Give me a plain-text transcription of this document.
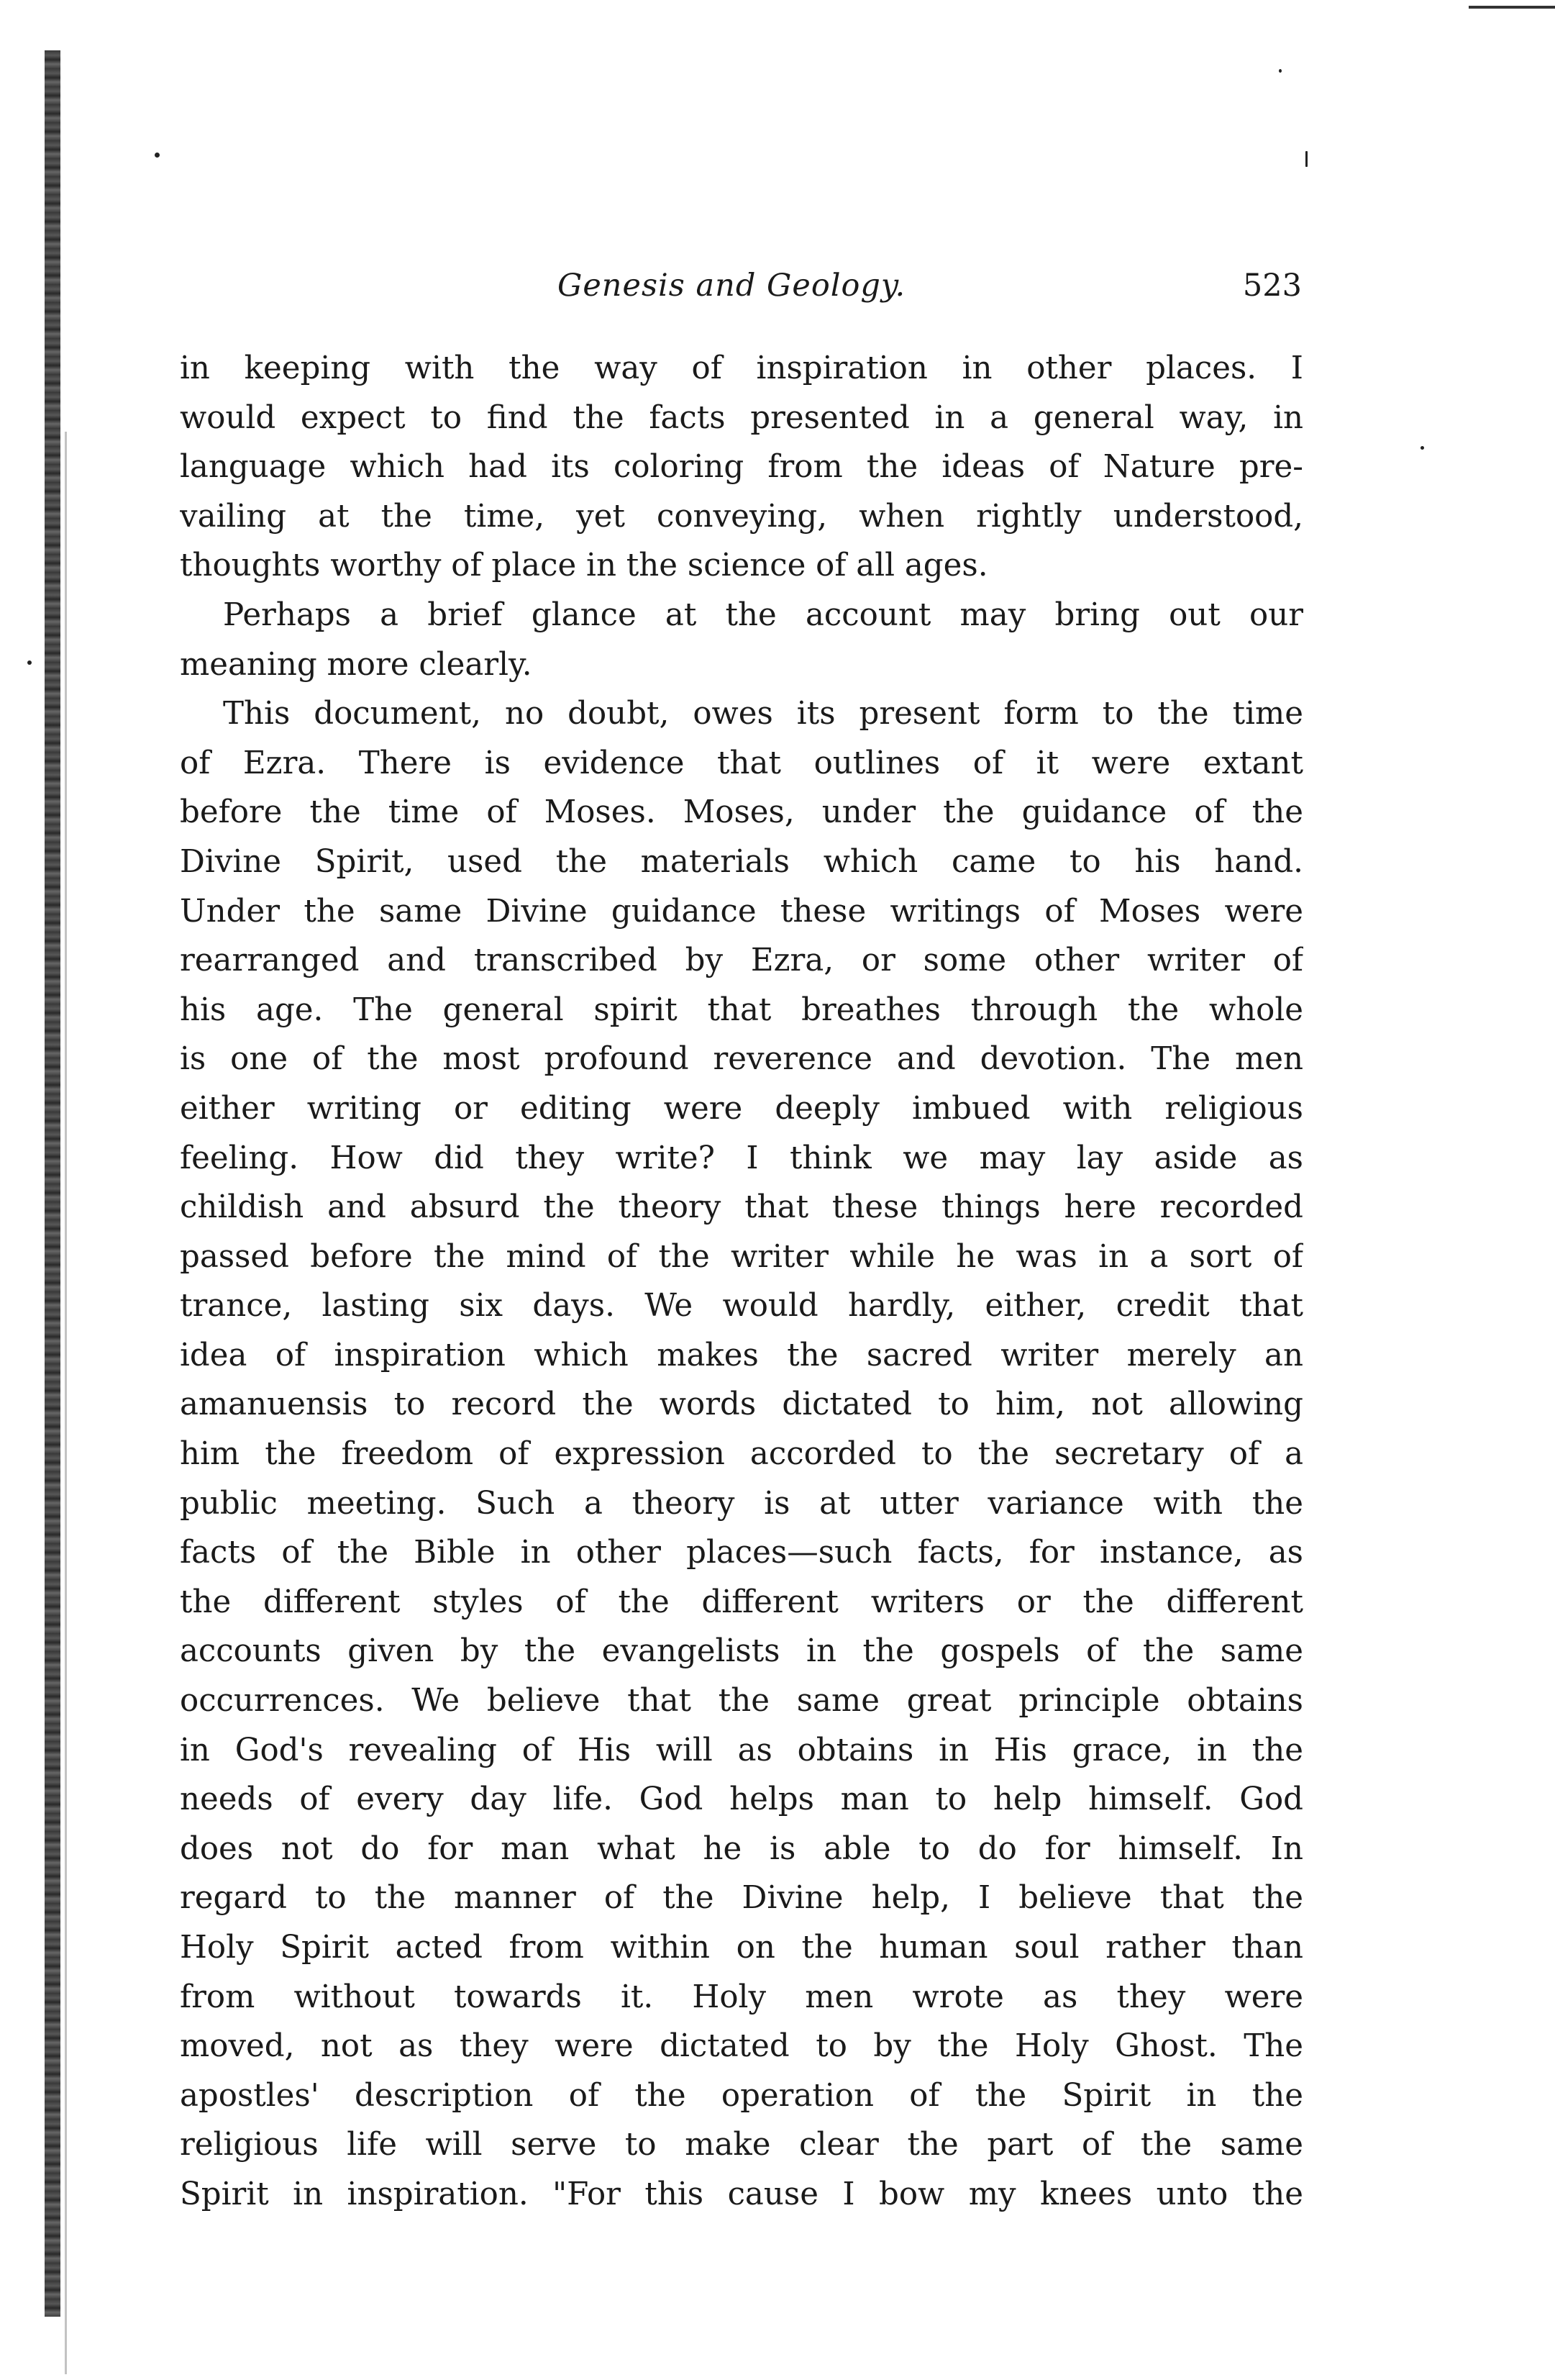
Genesis and Geology.	523
in keeping with the way of inspiration in other places. I
would expect to find the facts presented in a general way, in
language which had its coloring from the ideas of Nature pre-
vailing at the time, yet conveying, when rightly understood,
thoughts worthy of place in the science of all ages.
Perhaps a brief glance at the account may bring out our
meaning more clearly.
This document, no doubt, owes its present form to the time
of Ezra. There is evidence that outlines of it were extant
before the time of Moses. Moses, under the guidance of the
Divine Spirit, used the materials which came to his hand.
Under the same Divine guidance these writings of Moses were
rearranged and transcribed by Ezra, or some other writer of
his age. The general spirit that breathes through the whole
is one of the most profound reverence and devotion. The men
either writing or editing were deeply imbued with religious
feeling. How did they write? I think we may lay aside as
childish and absurd the theory that these things here recorded
passed before the mind of the writer while he was in a sort of
trance, lasting six days. We would hardly, either, credit that
idea of inspiration which makes the sacred writer merely an
amanuensis to record the words dictated to him, not allowing
him the freedom of expression accorded to the secretary of a
public meeting. Such a theory is at utter variance with the
facts of the Bible in other places—such facts, for instance, as
the different styles of the different writers or the different
accounts given by the evangelists in the gospels of the same
occurrences. We believe that the same great principle obtains
in God's revealing of His will as obtains in His grace, in the
needs of every day life. God helps man to help himself. God
does not do for man what he is able to do for himself. In
regard to the manner of the Divine help, I believe that the
Holy Spirit acted from within on the human soul rather than
from without towards it. Holy men wrote as they were
moved, not as they were dictated to by the Holy Ghost. The
apostles' description of the operation of the Spirit in the
religious life will serve to make clear the part of the same
Spirit in inspiration. "For this cause I bow my knees unto the
